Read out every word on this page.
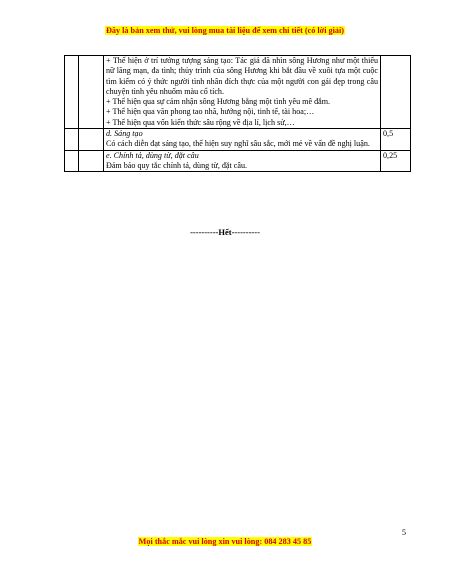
Đây là bản xem thử, vui lòng mua tài liệu để xem chi tiết (có lời giải)

		+ Thể hiện ở trí tưởng tượng sáng tạo: Tác giả đã nhìn sông Hương như một thiếu nữ lãng mạn, đa tình; thủy trình của sông Hương khi bắt đầu về xuôi tựa một cuộc tìm kiếm có ý thức người tình nhân đích thực của một người con gái đẹp trong câu chuyện tình yêu nhuốm màu cổ tích.

+ Thể hiện qua sự cảm nhận sông Hương bằng một tình yêu mê đắm.

+ Thể hiện qua văn phong tao nhã, hướng nội, tinh tế, tài hoa;…

+ Thể hiện qua vốn kiến thức sâu rộng về địa lí, lịch sử,…	

		d. Sáng tạo

Có cách diễn đạt sáng tạo, thể hiện suy nghĩ sâu sắc, mới mẻ về vấn đề nghị luận.	0,5

		e. Chính tả, dùng từ, đặt câu

Đảm bảo quy tắc chính tả, dùng từ, đặt câu.	0,25
----------Hết----------
5
Mọi thắc mắc vui lòng xin vui lòng: 084 283 45 85
